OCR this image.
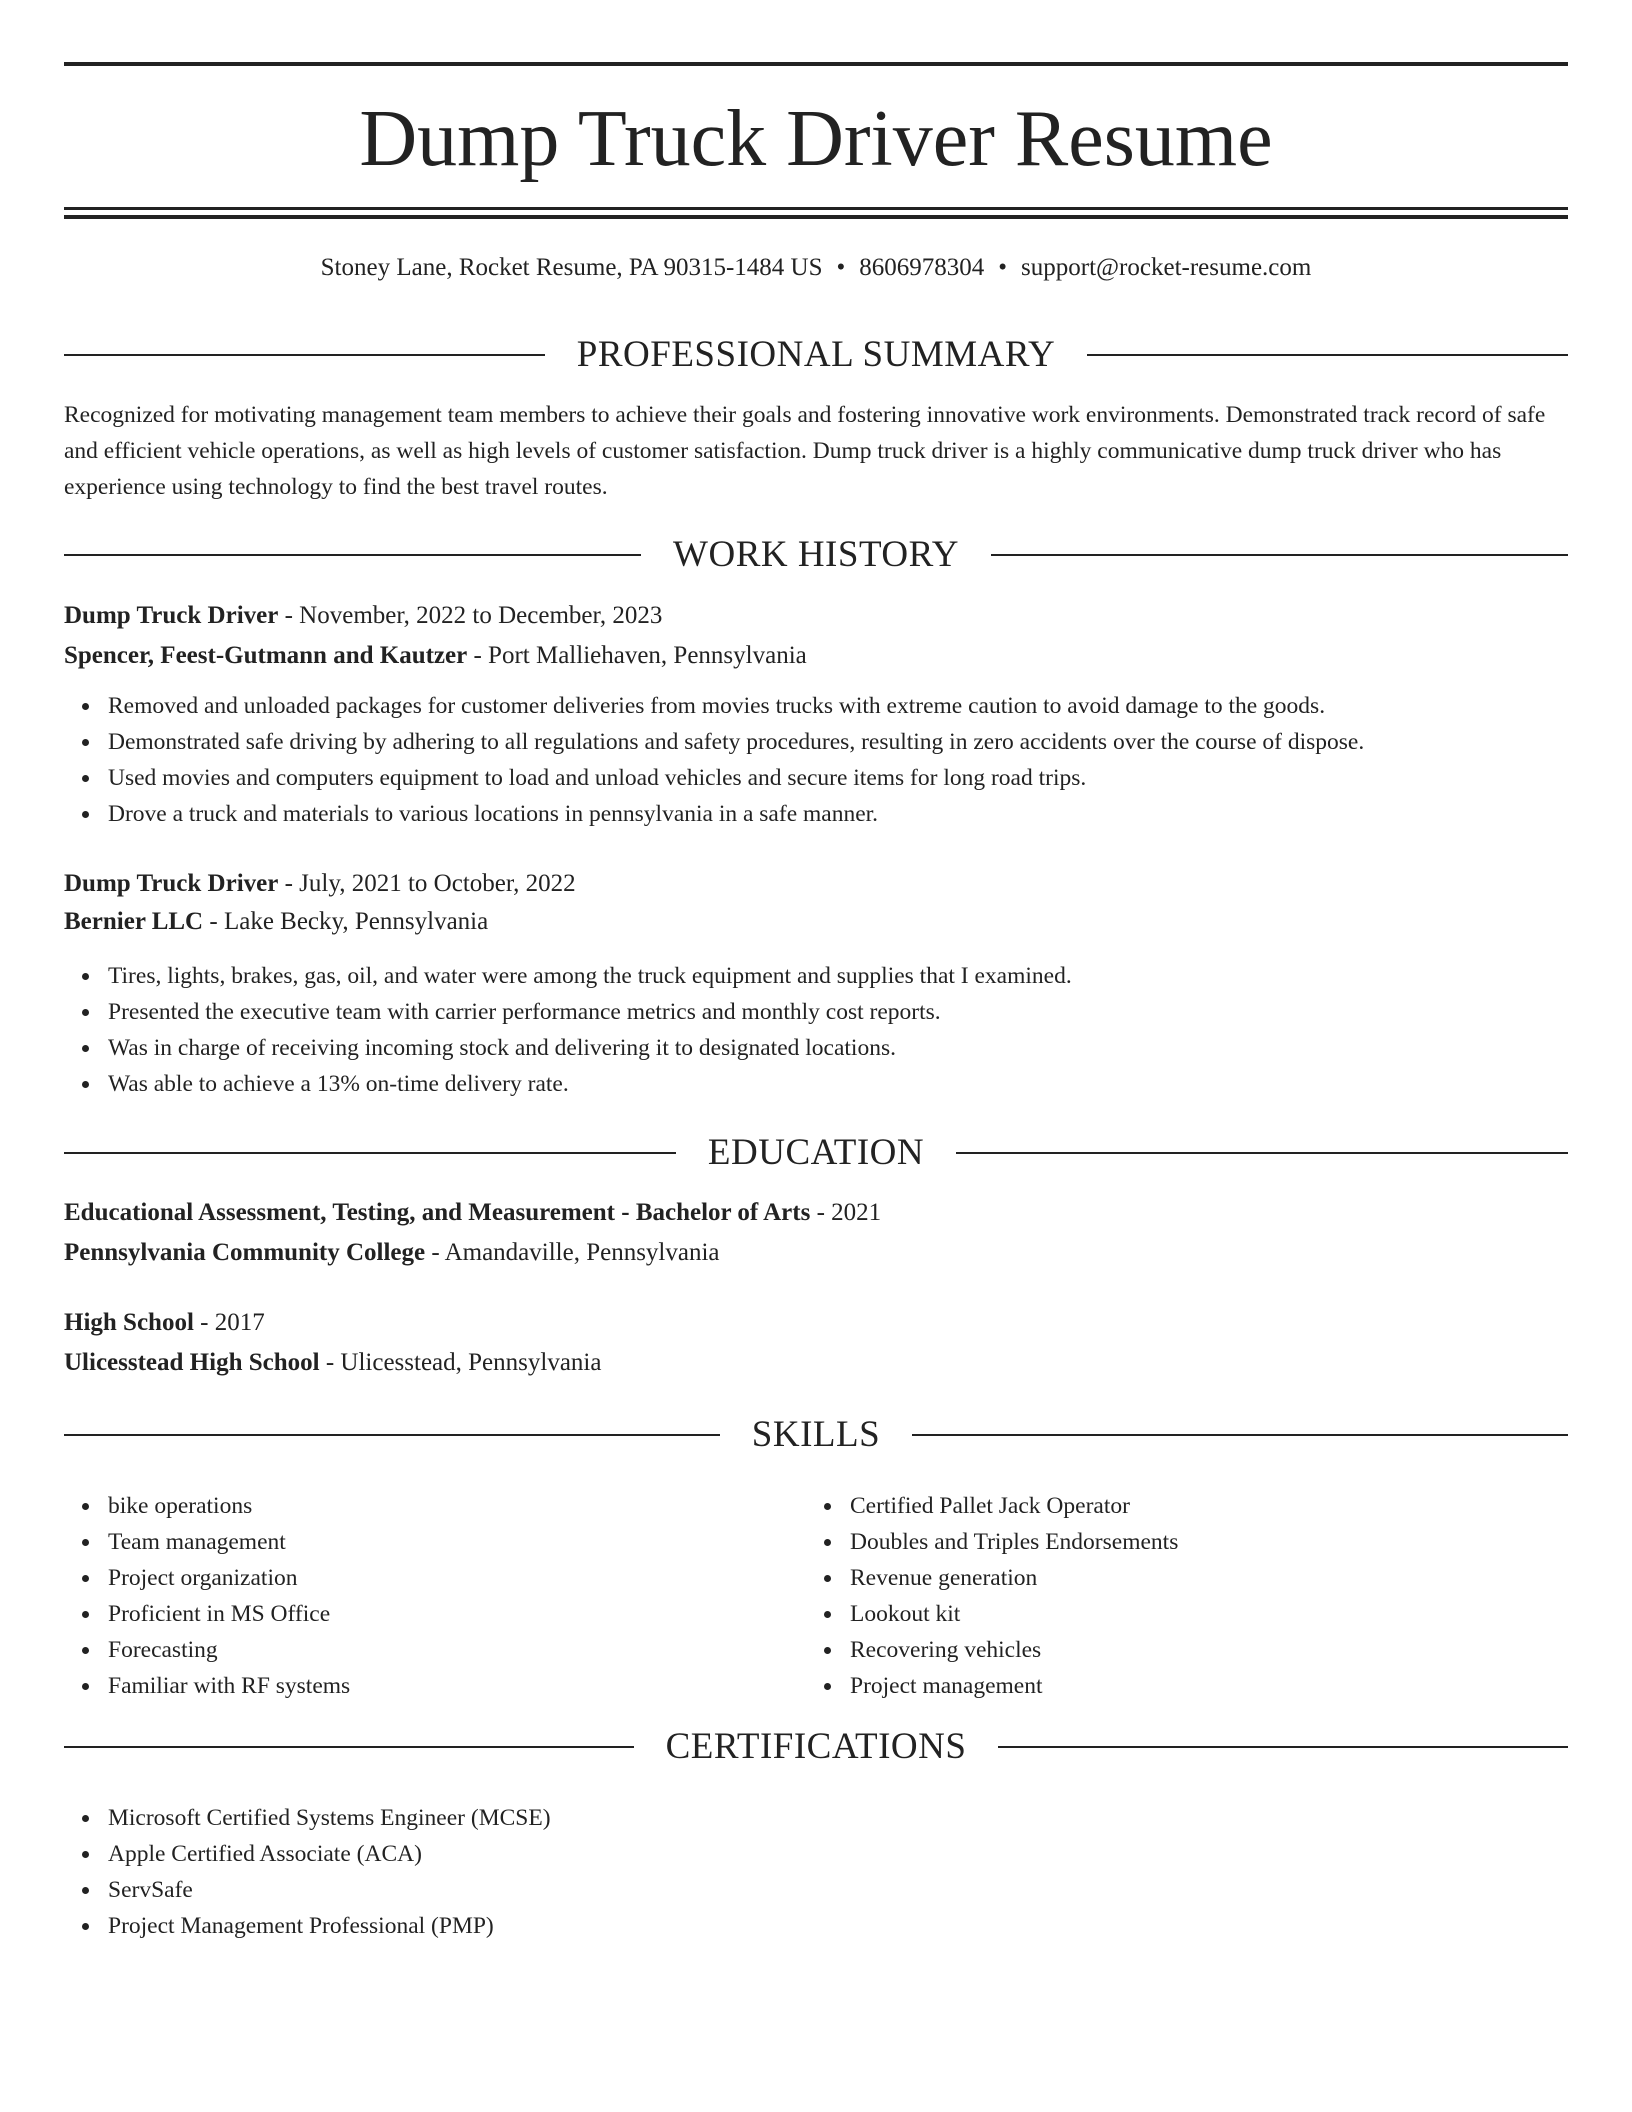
Dump Truck Driver Resume
Stoney Lane, Rocket Resume, PA 90315-1484 US • 8606978304 • support@rocket-resume.com
PROFESSIONAL SUMMARY
Recognized for motivating management team members to achieve their goals and fostering innovative work environments. Demonstrated track record of safe and efficient vehicle operations, as well as high levels of customer satisfaction. Dump truck driver is a highly communicative dump truck driver who has experience using technology to find the best travel routes.
WORK HISTORY
Dump Truck Driver - November, 2022 to December, 2023
Spencer, Feest-Gutmann and Kautzer - Port Malliehaven, Pennsylvania
Removed and unloaded packages for customer deliveries from movies trucks with extreme caution to avoid damage to the goods.
Demonstrated safe driving by adhering to all regulations and safety procedures, resulting in zero accidents over the course of dispose.
Used movies and computers equipment to load and unload vehicles and secure items for long road trips.
Drove a truck and materials to various locations in pennsylvania in a safe manner.
Dump Truck Driver - July, 2021 to October, 2022
Bernier LLC - Lake Becky, Pennsylvania
Tires, lights, brakes, gas, oil, and water were among the truck equipment and supplies that I examined.
Presented the executive team with carrier performance metrics and monthly cost reports.
Was in charge of receiving incoming stock and delivering it to designated locations.
Was able to achieve a 13% on-time delivery rate.
EDUCATION
Educational Assessment, Testing, and Measurement - Bachelor of Arts - 2021
Pennsylvania Community College - Amandaville, Pennsylvania
High School - 2017
Ulicesstead High School - Ulicesstead, Pennsylvania
SKILLS
bike operations
Team management
Project organization
Proficient in MS Office
Forecasting
Familiar with RF systems
Certified Pallet Jack Operator
Doubles and Triples Endorsements
Revenue generation
Lookout kit
Recovering vehicles
Project management
CERTIFICATIONS
Microsoft Certified Systems Engineer (MCSE)
Apple Certified Associate (ACA)
ServSafe
Project Management Professional (PMP)
